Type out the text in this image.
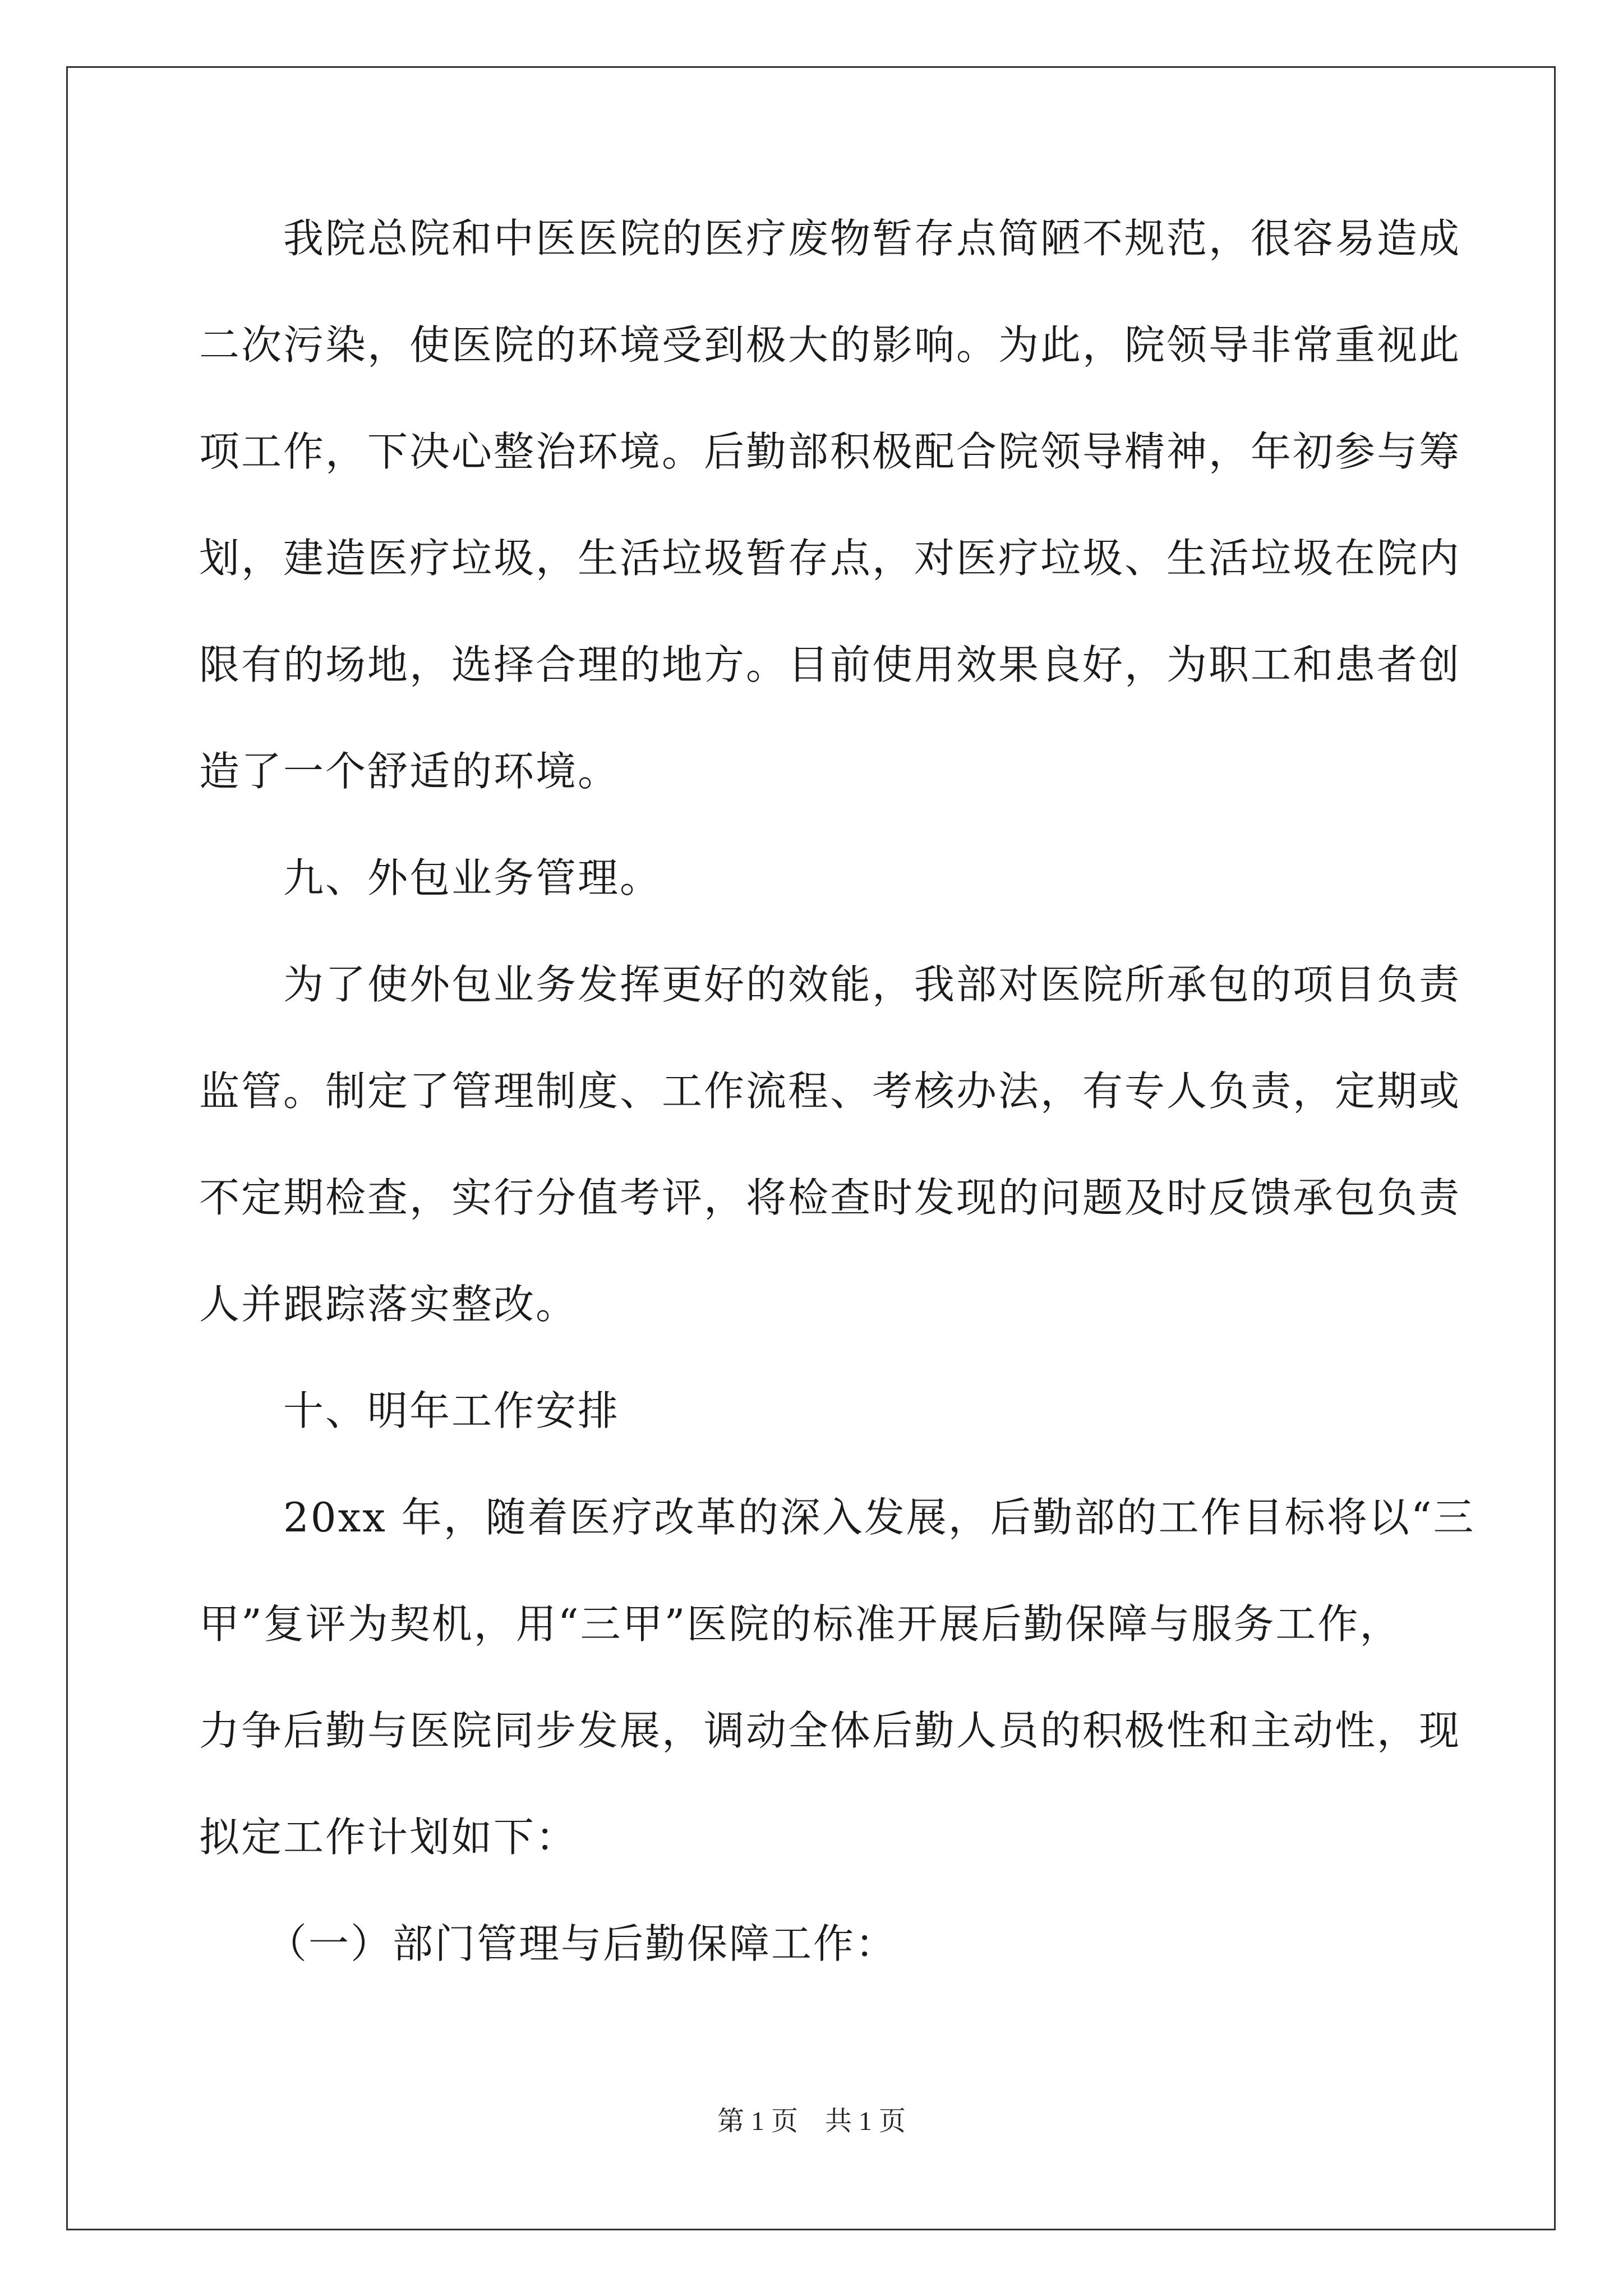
我院总院和中医医院的医疗废物暂存点简陋不规范，很容易造成
二次污染，使医院的环境受到极大的影响。为此，院领导非常重视此
项工作，下决心整治环境。后勤部积极配合院领导精神，年初参与筹
划，建造医疗垃圾，生活垃圾暂存点，对医疗垃圾、生活垃圾在院内
限有的场地，选择合理的地方。目前使用效果良好，为职工和患者创
造了一个舒适的环境。
九、外包业务管理。
为了使外包业务发挥更好的效能，我部对医院所承包的项目负责
监管。制定了管理制度、工作流程、考核办法，有专人负责，定期或
不定期检查，实行分值考评，将检查时发现的问题及时反馈承包负责
人并跟踪落实整改。
十、明年工作安排
20xx 年，随着医疗改革的深入发展，后勤部的工作目标将以“三
甲”复评为契机，用“三甲”医院的标准开展后勤保障与服务工作，
力争后勤与医院同步发展，调动全体后勤人员的积极性和主动性，现
拟定工作计划如下：
（一）部门管理与后勤保障工作：
第 1 页　共 1 页
